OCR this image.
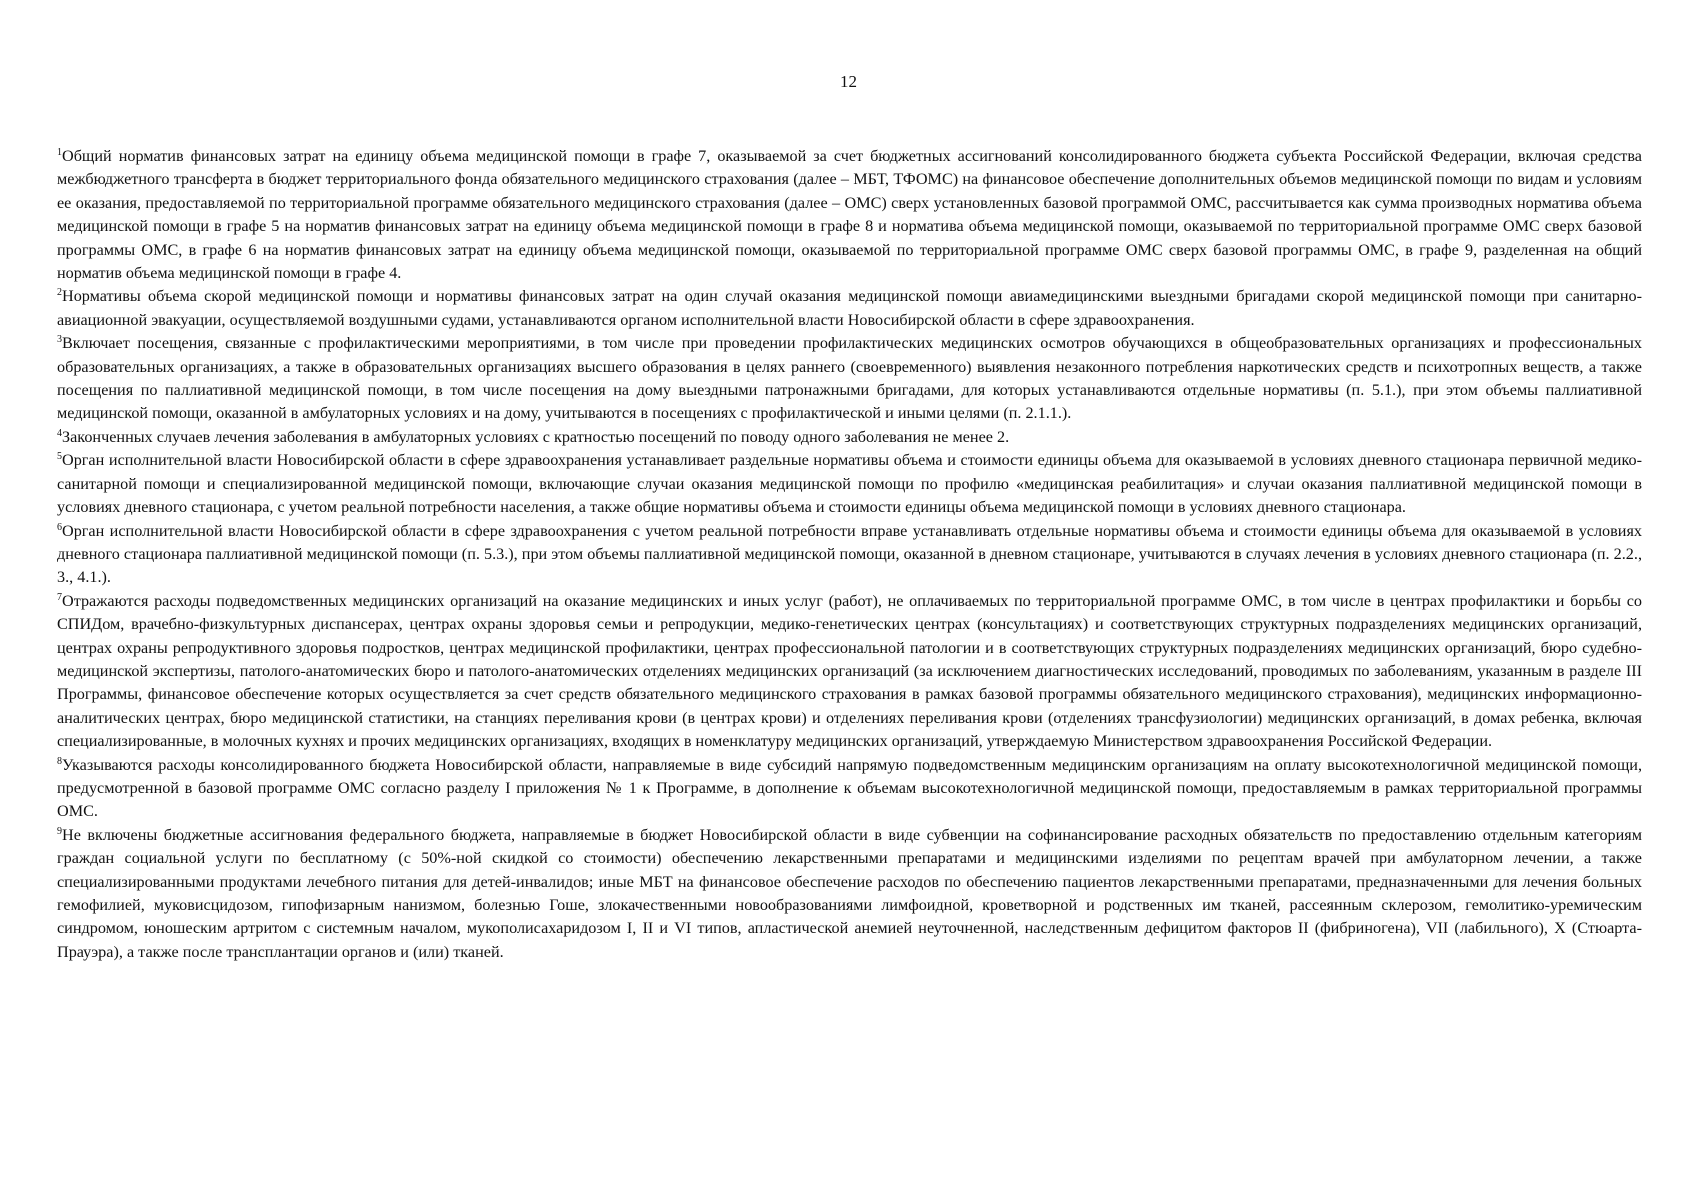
12

$^1$Общий норматив финансовых затрат на единицу объема медицинской помощи в графе 7, оказываемой за счет бюджетных ассигнований консолидированного бюджета субъекта Российской Федерации, включая средства межбюджетного трансферта в бюджет территориального фонда обязательного медицинского страхования (далее – МБТ, ТФОМС) на финансовое обеспечение дополнительных объемов медицинской помощи по видам и условиям ее оказания, предоставляемой по территориальной программе обязательного медицинского страхования (далее – ОМС) сверх установленных базовой программой ОМС, рассчитывается как сумма производных норматива объема медицинской помощи в графе 5 на норматив финансовых затрат на единицу объема медицинской помощи в графе 8 и норматива объема медицинской помощи, оказываемой по территориальной программе ОМС сверх базовой программы ОМС, в графе 6 на норматив финансовых затрат на единицу объема медицинской помощи, оказываемой по территориальной программе ОМС сверх базовой программы ОМС, в графе 9, разделенная на общий норматив объема медицинской помощи в графе 4.

$^2$Нормативы объема скорой медицинской помощи и нормативы финансовых затрат на один случай оказания медицинской помощи авиамедицинскими выездными бригадами скорой медицинской помощи при санитарно-авиационной эвакуации, осуществляемой воздушными судами, устанавливаются органом исполнительной власти Новосибирской области в сфере здравоохранения.

$^3$Включает посещения, связанные с профилактическими мероприятиями, в том числе при проведении профилактических медицинских осмотров обучающихся в общеобразовательных организациях и профессиональных образовательных организациях, а также в образовательных организациях высшего образования в целях раннего (своевременного) выявления незаконного потребления наркотических средств и психотропных веществ, а также посещения по паллиативной медицинской помощи, в том числе посещения на дому выездными патронажными бригадами, для которых устанавливаются отдельные нормативы (п. 5.1.), при этом объемы паллиативной медицинской помощи, оказанной в амбулаторных условиях и на дому, учитываются в посещениях с профилактической и иными целями (п. 2.1.1.).

$^4$Законченных случаев лечения заболевания в амбулаторных условиях с кратностью посещений по поводу одного заболевания не менее 2.

$^5$Орган исполнительной власти Новосибирской области в сфере здравоохранения устанавливает раздельные нормативы объема и стоимости единицы объема для оказываемой в условиях дневного стационара первичной медико-санитарной помощи и специализированной медицинской помощи, включающие случаи оказания медицинской помощи по профилю «медицинская реабилитация» и случаи оказания паллиативной медицинской помощи в условиях дневного стационара, с учетом реальной потребности населения, а также общие нормативы объема и стоимости единицы объема медицинской помощи в условиях дневного стационара.

$^6$Орган исполнительной власти Новосибирской области в сфере здравоохранения с учетом реальной потребности вправе устанавливать отдельные нормативы объема и стоимости единицы объема для оказываемой в условиях дневного стационара паллиативной медицинской помощи (п. 5.3.), при этом объемы паллиативной медицинской помощи, оказанной в дневном стационаре, учитываются в случаях лечения в условиях дневного стационара (п. 2.2., 3., 4.1.).

$^7$Отражаются расходы подведомственных медицинских организаций на оказание медицинских и иных услуг (работ), не оплачиваемых по территориальной программе ОМС, в том числе в центрах профилактики и борьбы со СПИДом, врачебно-физкультурных диспансерах, центрах охраны здоровья семьи и репродукции, медико-генетических центрах (консультациях) и соответствующих структурных подразделениях медицинских организаций, центрах охраны репродуктивного здоровья подростков, центрах медицинской профилактики, центрах профессиональной патологии и в соответствующих структурных подразделениях медицинских организаций, бюро судебно-медицинской экспертизы, патолого-анатомических бюро и патолого-анатомических отделениях медицинских организаций (за исключением диагностических исследований, проводимых по заболеваниям, указанным в разделе III Программы, финансовое обеспечение которых осуществляется за счет средств обязательного медицинского страхования в рамках базовой программы обязательного медицинского страхования), медицинских информационно-аналитических центрах, бюро медицинской статистики, на станциях переливания крови (в центрах крови) и отделениях переливания крови (отделениях трансфузиологии) медицинских организаций, в домах ребенка, включая специализированные, в молочных кухнях и прочих медицинских организациях, входящих в номенклатуру медицинских организаций, утверждаемую Министерством здравоохранения Российской Федерации.

$^8$Указываются расходы консолидированного бюджета Новосибирской области, направляемые в виде субсидий напрямую подведомственным медицинским организациям на оплату высокотехнологичной медицинской помощи, предусмотренной в базовой программе ОМС согласно разделу I приложения № 1 к Программе, в дополнение к объемам высокотехнологичной медицинской помощи, предоставляемым в рамках территориальной программы ОМС.

$^9$Не включены бюджетные ассигнования федерального бюджета, направляемые в бюджет Новосибирской области в виде субвенции на софинансирование расходных обязательств по предоставлению отдельным категориям граждан социальной услуги по бесплатному (с 50%-ной скидкой со стоимости) обеспечению лекарственными препаратами и медицинскими изделиями по рецептам врачей при амбулаторном лечении, а также специализированными продуктами лечебного питания для детей-инвалидов; иные МБТ на финансовое обеспечение расходов по обеспечению пациентов лекарственными препаратами, предназначенными для лечения больных гемофилией, муковисцидозом, гипофизарным нанизмом, болезнью Гоше, злокачественными новообразованиями лимфоидной, кроветворной и родственных им тканей, рассеянным склерозом, гемолитико-уремическим синдромом, юношеским артритом с системным началом, мукополисахаридозом I, II и VI типов, апластической анемией неуточненной, наследственным дефицитом факторов II (фибриногена), VII (лабильного), X (Стюарта-Прауэра), а также после трансплантации органов и (или) тканей.
